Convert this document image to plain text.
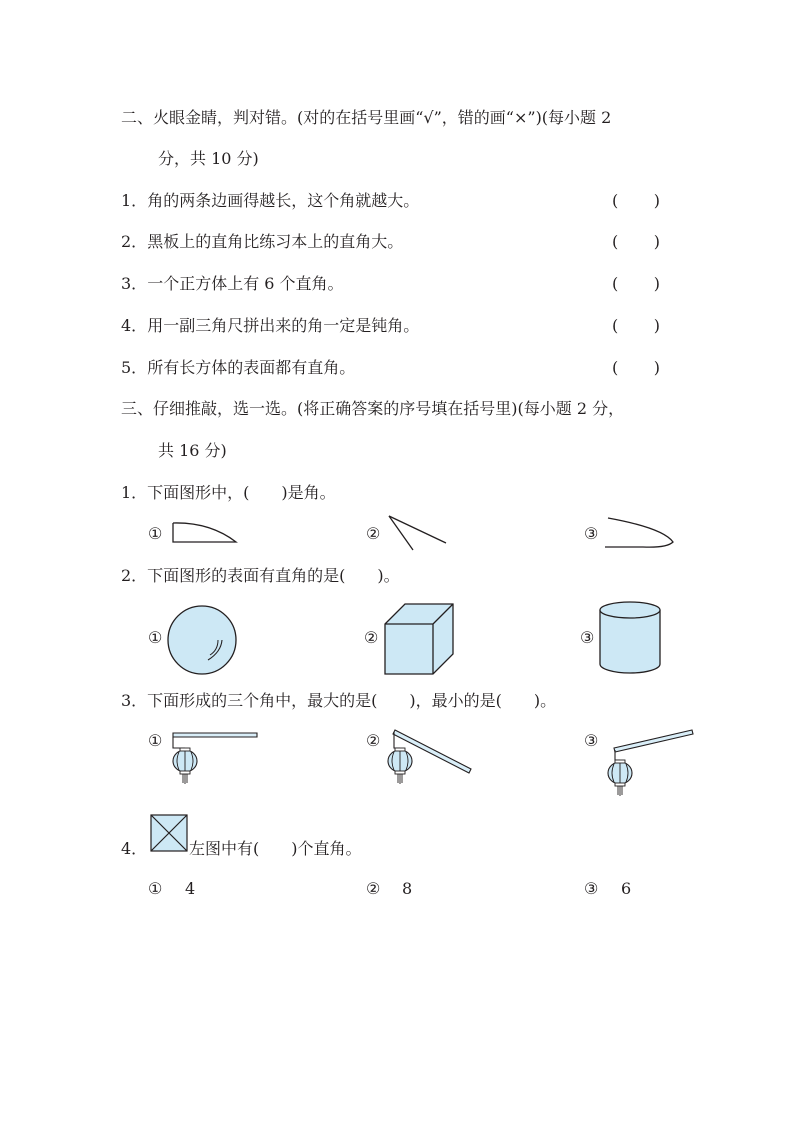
二、火眼金睛，判对错。(对的在括号里画“√”，错的画“×”)(每小题 2
分，共 10 分)
1．角的两条边画得越长，这个角就越大。	( )
2．黑板上的直角比练习本上的直角大。	( )
3．一个正方体上有 6 个直角。	( )
4．用一副三角尺拼出来的角一定是钝角。	( )
5．所有长方体的表面都有直角。	( )
三、仔细推敲，选一选。(将正确答案的序号填在括号里)(每小题 2 分，
共 16 分)
1．下面图形中，(　　)是角。
①	②	③
2．下面图形的表面有直角的是(　　)。
①	②	③
3．下面形成的三个角中，最大的是(　　)，最小的是(　　)。
①	②	③
4．	左图中有(　　)个直角。
① 4	② 8	③ 6
